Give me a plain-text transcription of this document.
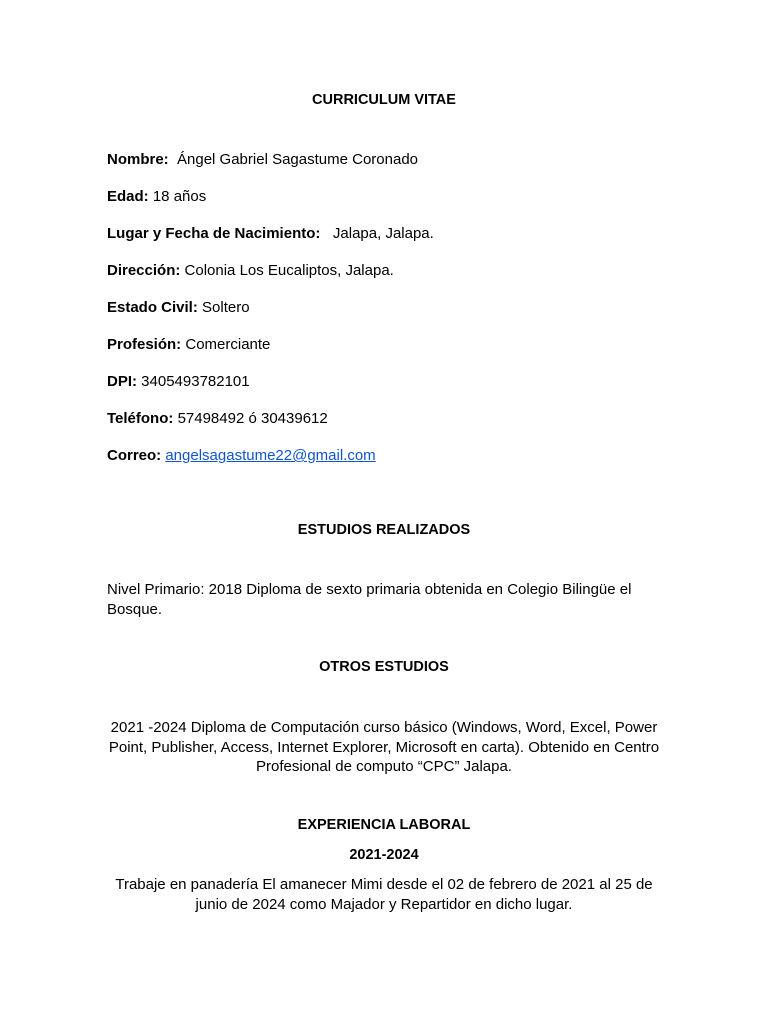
CURRICULUM VITAE
Nombre: Ángel Gabriel Sagastume Coronado
Edad: 18 años
Lugar y Fecha de Nacimiento: Jalapa, Jalapa.
Dirección: Colonia Los Eucaliptos, Jalapa.
Estado Civil: Soltero
Profesión: Comerciante
DPI: 3405493782101
Teléfono: 57498492 ó 30439612
Correo: angelsagastume22@gmail.com
ESTUDIOS REALIZADOS
Nivel Primario: 2018 Diploma de sexto primaria obtenida en Colegio Bilingüe el Bosque.
OTROS ESTUDIOS
2021 -2024 Diploma de Computación curso básico (Windows, Word, Excel, Power Point, Publisher, Access, Internet Explorer, Microsoft en carta). Obtenido en Centro Profesional de computo “CPC” Jalapa.
EXPERIENCIA LABORAL
2021-2024
Trabaje en panadería El amanecer Mimi desde el 02 de febrero de 2021 al 25 de junio de 2024 como Majador y Repartidor en dicho lugar.
